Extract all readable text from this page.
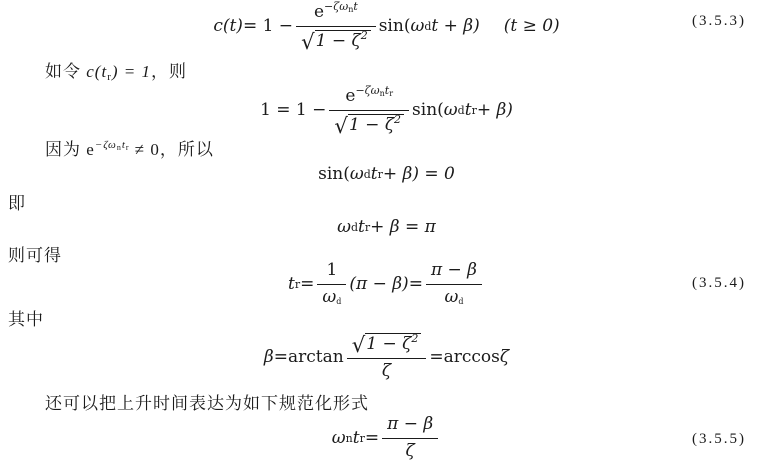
$c(t) = 1 - \frac{e^{-\zeta\omega nt}}{√1 - \zeta^2} \sin$( ω d t + β) (t ≥ 0)	(3.5.3)
如令 $c(t_r) = 1$，则
$1 = 1 - \frac{e^{-\zeta\omega ntr}}{√1 - \zeta^2} \sin$( ω d t r + β)
因为 $e^{-\zeta\omega ntr} \ne 0$，所以
sin( ω d t r + β) = 0
即
ω d t r + β = π
则可得
t $r = \frac{1}{\omega d} (\pi - \beta) = \frac{\pi - \beta}{\omega d}$	(3.5.4)
其中
$\beta = \arctan \frac{√1 - \zeta^2}{\zeta} = \arccos \zeta$
还可以把上升时间表达为如下规范化形式
ω n t $r = \frac{\pi - \beta}{\zeta}$	(3.5.5)
